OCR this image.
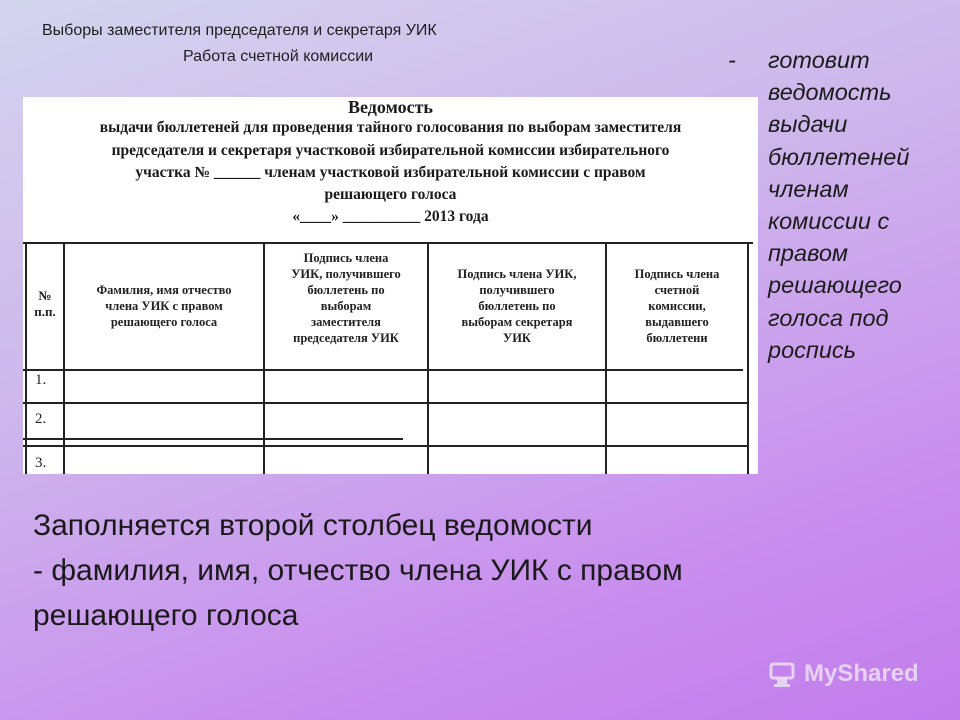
Выборы заместителя председателя и секретаря УИК
Работа счетной комиссии	- готовит
ведомость
выдачи
бюллетеней
членам
комиссии с
правом
решающего
голоса под
роспись
Ведомость
выдачи бюллетеней для проведения тайного голосования по выборам заместителя
председателя и секретаря участковой избирательной комиссии избирательного
участка № ______ членам участковой избирательной комиссии с правом
решающего голоса
«____» __________ 2013 года
№
п.п.
Фамилия, имя отчество
члена УИК с правом
решающего голоса
Подпись члена
УИК, получившего
бюллетень по
выборам
заместителя
председателя УИК
Подпись члена УИК,
получившего
бюллетень по
выборам секретаря
УИК
Подпись члена
счетной
комиссии,
выдавшего
бюллетени
1.
2.
3.
Заполняется второй столбец ведомости
- фамилия, имя, отчество члена УИК с правом
решающего голоса
MyShared
